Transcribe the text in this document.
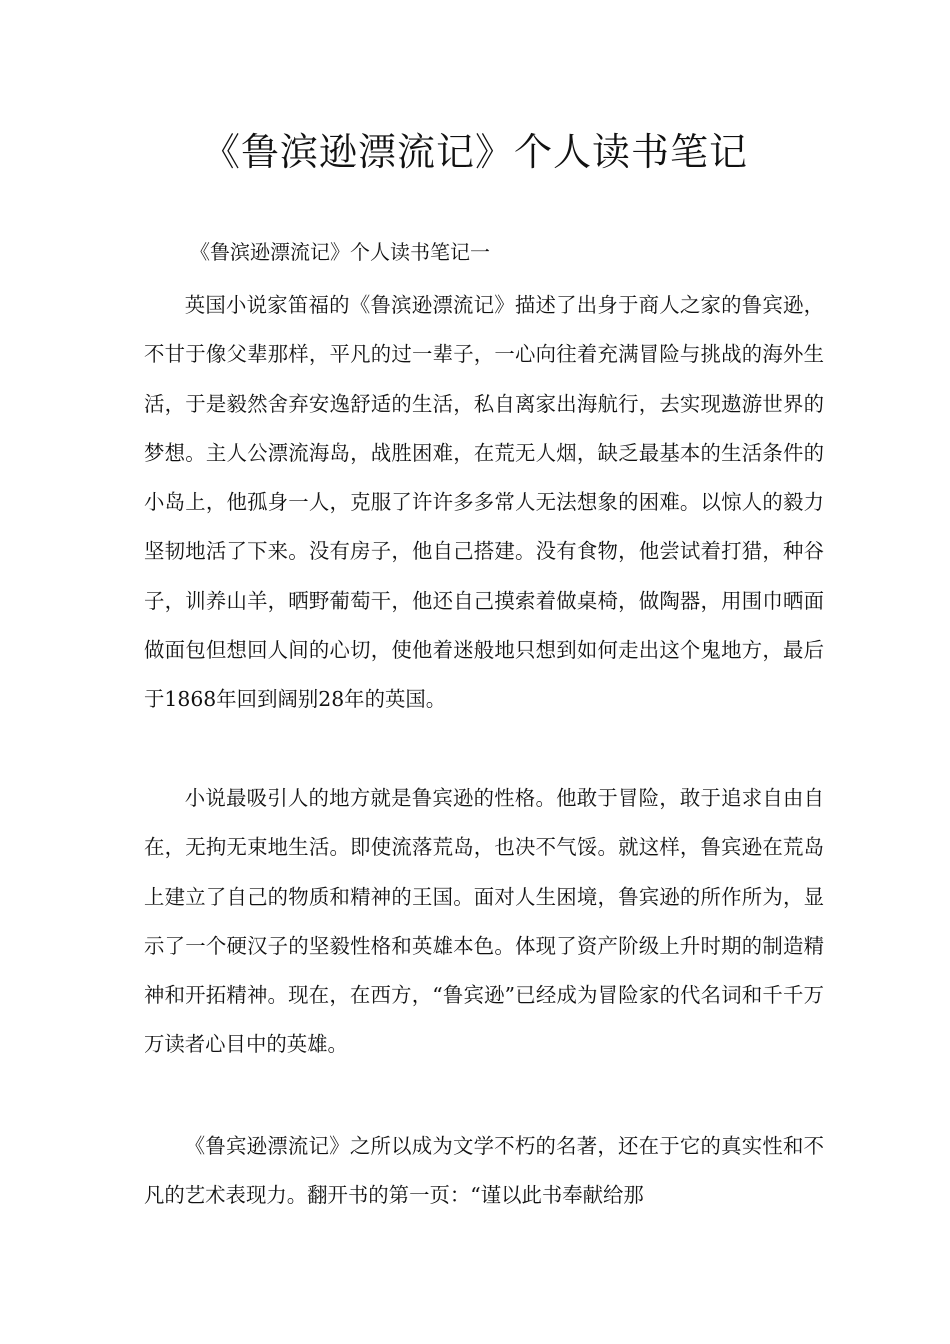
《鲁滨逊漂流记》个人读书笔记

《鲁滨逊漂流记》个人读书笔记一

英国小说家笛福的《鲁滨逊漂流记》描述了出身于商人之家的鲁宾逊，不甘于像父辈那样，平凡的过一辈子，一心向往着充满冒险与挑战的海外生活，于是毅然舍弃安逸舒适的生活，私自离家出海航行，去实现遨游世界的梦想。主人公漂流海岛，战胜困难，在荒无人烟，缺乏最基本的生活条件的小岛上，他孤身一人，克服了许许多多常人无法想象的困难。以惊人的毅力坚韧地活了下来。没有房子，他自己搭建。没有食物，他尝试着打猎，种谷子，训养山羊，晒野葡萄干，他还自己摸索着做桌椅，做陶器，用围巾晒面做面包但想回人间的心切，使他着迷般地只想到如何走出这个鬼地方，最后于1868年回到阔别28年的英国。

小说最吸引人的地方就是鲁宾逊的性格。他敢于冒险，敢于追求自由自在，无拘无束地生活。即使流落荒岛，也决不气馁。就这样，鲁宾逊在荒岛上建立了自己的物质和精神的王国。面对人生困境，鲁宾逊的所作所为，显示了一个硬汉子的坚毅性格和英雄本色。体现了资产阶级上升时期的制造精神和开拓精神。现在，在西方，“鲁宾逊”已经成为冒险家的代名词和千千万万读者心目中的英雄。

《鲁宾逊漂流记》之所以成为文学不朽的名著，还在于它的真实性和不凡的艺术表现力。翻开书的第一页：“谨以此书奉献给那
